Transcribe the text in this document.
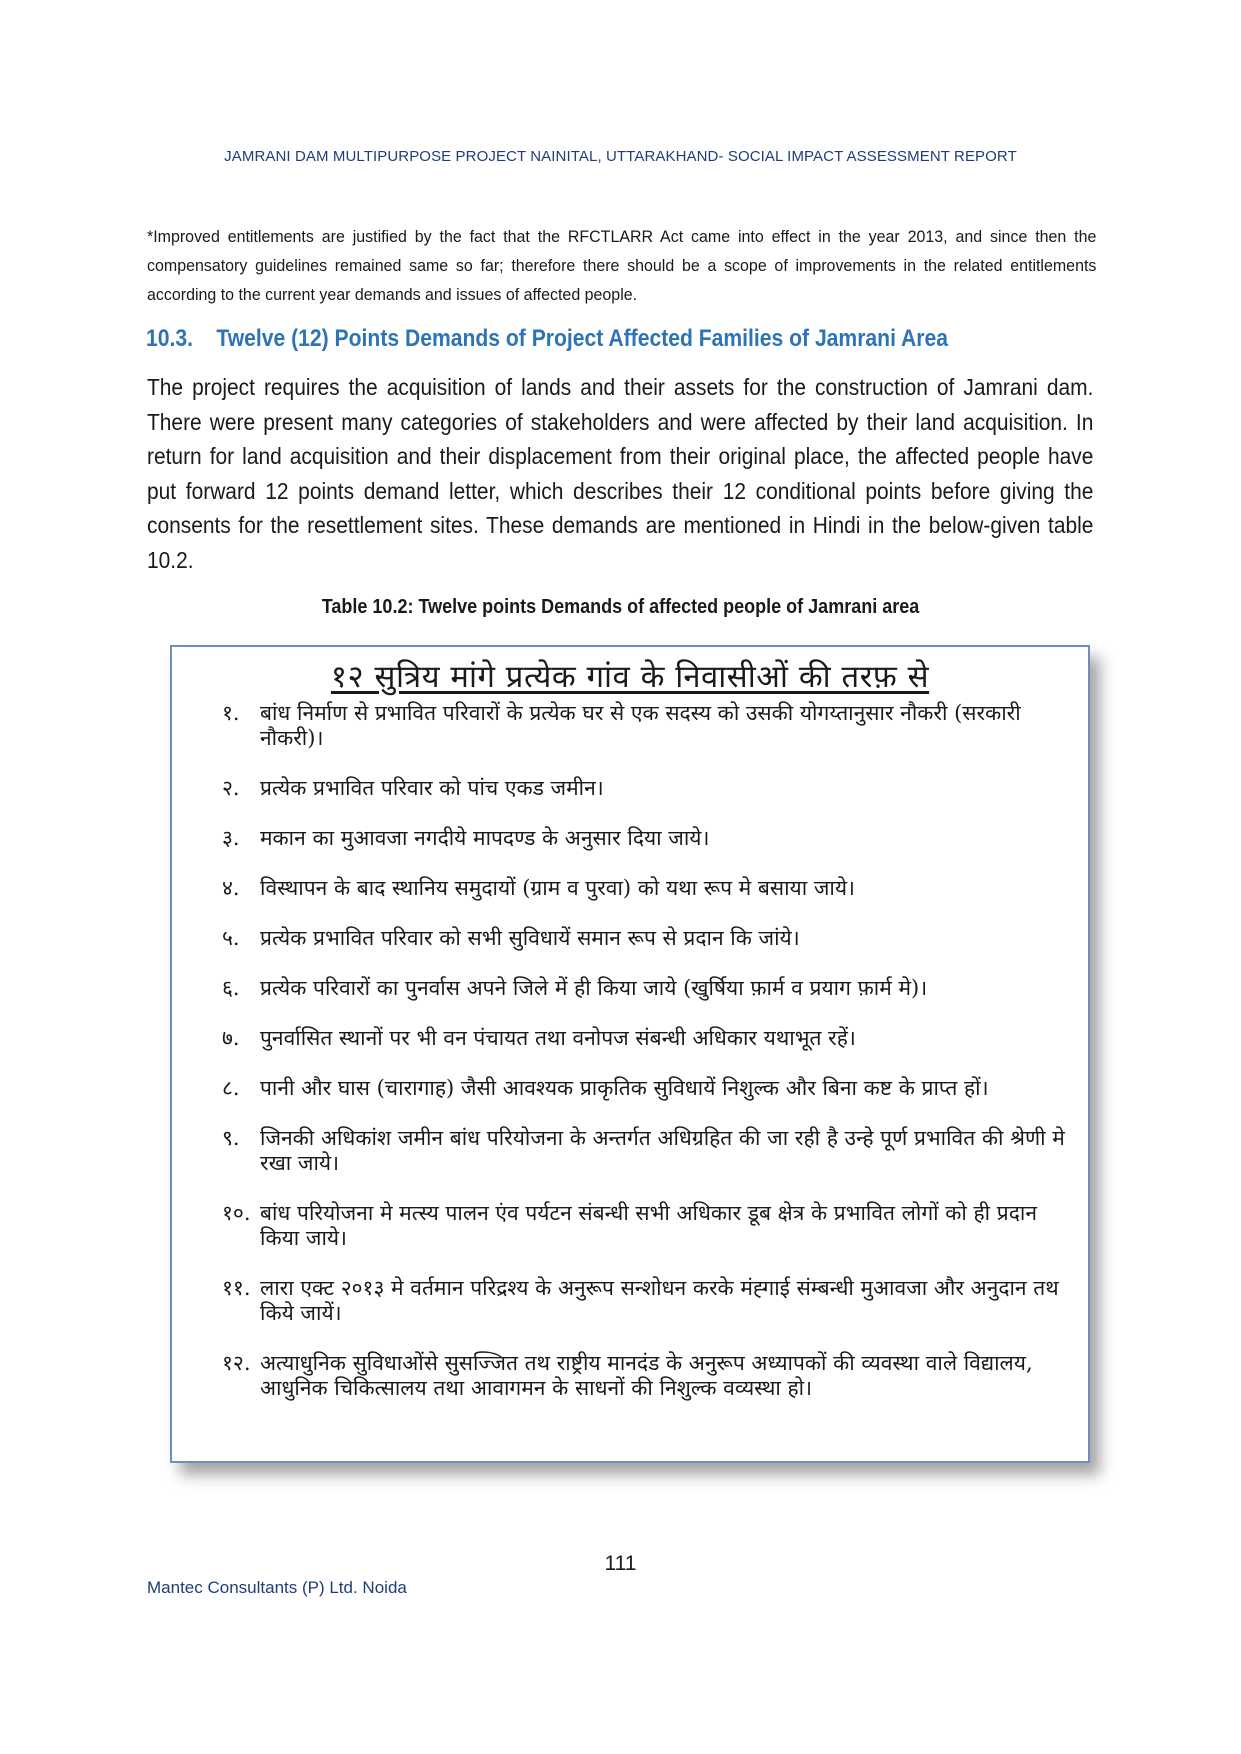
JAMRANI DAM MULTIPURPOSE PROJECT NAINITAL, UTTARAKHAND- SOCIAL IMPACT ASSESSMENT REPORT
*Improved entitlements are justified by the fact that the RFCTLARR Act came into effect in the year 2013, and since then the compensatory guidelines remained same so far; therefore there should be a scope of improvements in the related entitlements according to the current year demands and issues of affected people.
10.3. Twelve (12) Points Demands of Project Affected Families of Jamrani Area
The project requires the acquisition of lands and their assets for the construction of Jamrani dam. There were present many categories of stakeholders and were affected by their land acquisition. In return for land acquisition and their displacement from their original place, the affected people have put forward 12 points demand letter, which describes their 12 conditional points before giving the consents for the resettlement sites. These demands are mentioned in Hindi in the below-given table 10.2.
Table 10.2: Twelve points Demands of affected people of Jamrani area
१२ सुत्रिय मांगे प्रत्येक गांव के निवासीओं की तरफ़ से
१. बांध निर्माण से प्रभावित परिवारों के प्रत्येक घर से एक सदस्य को उसकी योगय्तानुसार नौकरी (सरकारी नौकरी)।
२. प्रत्येक प्रभावित परिवार को पांच एकड जमीन।
३. मकान का मुआवजा नगदीये मापदण्ड के अनुसार दिया जाये।
४. विस्थापन के बाद स्थानिय समुदायों (ग्राम व पुरवा) को यथा रूप मे बसाया जाये।
५. प्रत्येक प्रभावित परिवार को सभी सुविधायें समान रूप से प्रदान कि जांये।
६. प्रत्येक परिवारों का पुनर्वास अपने जिले में ही किया जाये (खुर्षिया फ़ार्म व प्रयाग फ़ार्म मे)।
७. पुनर्वासित स्थानों पर भी वन पंचायत तथा वनोपज संबन्धी अधिकार यथाभूत रहें।
८. पानी और घास (चारागाह) जैसी आवश्यक प्राकृतिक सुविधायें निशुल्क और बिना कष्ट के प्राप्त हों।
९. जिनकी अधिकांश जमीन बांध परियोजना के अन्तर्गत अधिग्रहित की जा रही है उन्हे पूर्ण प्रभावित की श्रेणी मे रखा जाये।
१०. बांध परियोजना मे मत्स्य पालन एंव पर्यटन संबन्धी सभी अधिकार डूब क्षेत्र के प्रभावित लोगों को ही प्रदान किया जाये।
११. लारा एक्ट २०१३ मे वर्तमान परिद्रश्य के अनुरूप सन्शोधन करके मंह्गाई संम्बन्धी मुआवजा और अनुदान तथ किये जायें।
१२. अत्याधुनिक सुविधाओंसे सुसज्जित तथ राष्ट्रीय मानदंड के अनुरूप अध्यापकों की व्यवस्था वाले विद्यालय, आधुनिक चिकित्सालय तथा आवागमन के साधनों की निशुल्क वव्यस्था हो।
111
Mantec Consultants (P) Ltd. Noida
